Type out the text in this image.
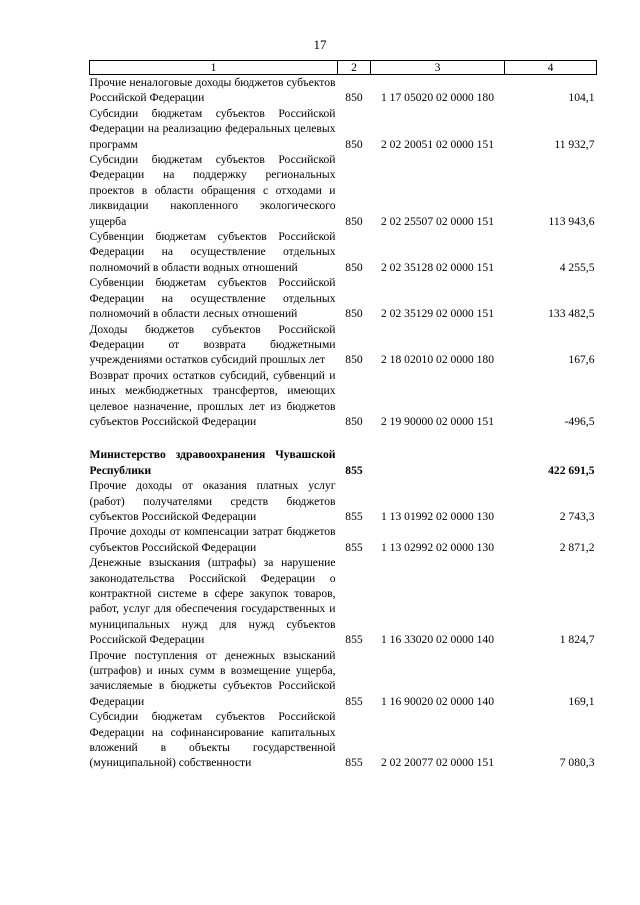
17
1	2	3	4
Прочие неналоговые доходы бюджетов субъектов Российской Федерации	850	1 17 05020 02 0000 180	104,1
Субсидии бюджетам субъектов Российской Федерации на реализацию федеральных целевых программ	850	2 02 20051 02 0000 151	11 932,7
Субсидии бюджетам субъектов Российской Федерации на поддержку региональных проектов в области обращения с отходами и ликвидации накопленного экологического ущерба	850	2 02 25507 02 0000 151	113 943,6
Субвенции бюджетам субъектов Российской Федерации на осуществление отдельных полномочий в области водных отношений	850	2 02 35128 02 0000 151	4 255,5
Субвенции бюджетам субъектов Российской Федерации на осуществление отдельных полномочий в области лесных отношений	850	2 02 35129 02 0000 151	133 482,5
Доходы бюджетов субъектов Российской Федерации от возврата бюджетными учреждениями остатков субсидий прошлых лет	850	2 18 02010 02 0000 180	167,6
Возврат прочих остатков субсидий, субвенций и иных межбюджетных трансфертов, имеющих целевое назначение, прошлых лет из бюджетов субъектов Российской Федерации	850	2 19 90000 02 0000 151	-496,5
Министерство здравоохранения Чувашской Республики	855		422 691,5
Прочие доходы от оказания платных услуг (работ) получателями средств бюджетов субъектов Российской Федерации	855	1 13 01992 02 0000 130	2 743,3
Прочие доходы от компенсации затрат бюджетов субъектов Российской Федерации	855	1 13 02992 02 0000 130	2 871,2
Денежные взыскания (штрафы) за нарушение законодательства Российской Федерации о контрактной системе в сфере закупок товаров, работ, услуг для обеспечения государственных и муниципальных нужд для нужд субъектов Российской Федерации	855	1 16 33020 02 0000 140	1 824,7
Прочие поступления от денежных взысканий (штрафов) и иных сумм в возмещение ущерба, зачисляемые в бюджеты субъектов Российской Федерации	855	1 16 90020 02 0000 140	169,1
Субсидии бюджетам субъектов Российской Федерации на софинансирование капитальных вложений в объекты государственной (муниципальной) собственности	855	2 02 20077 02 0000 151	7 080,3
